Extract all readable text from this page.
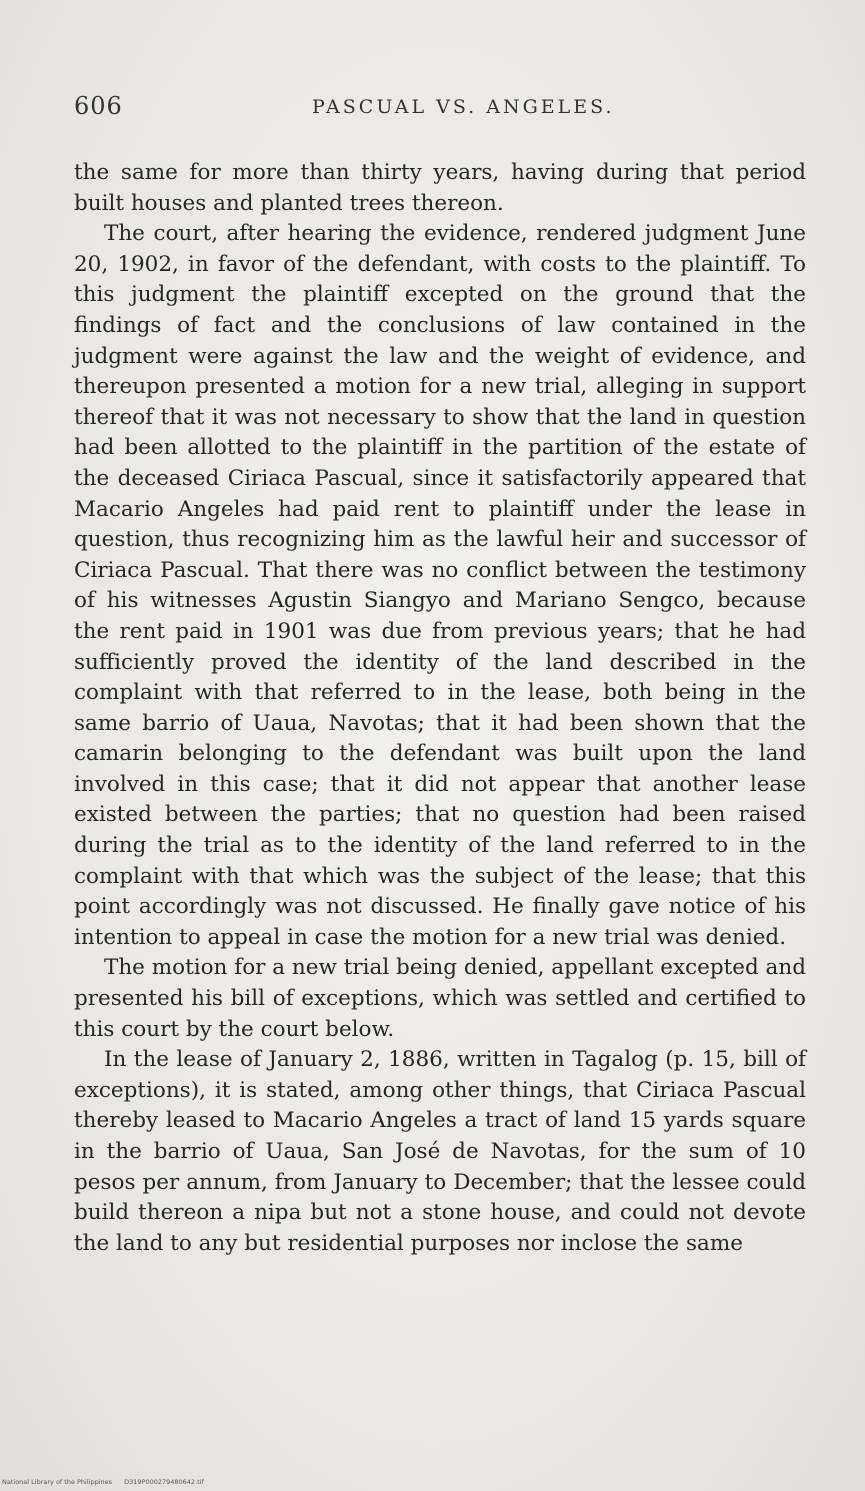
606	PASCUAL VS. ANGELES.

the same for more than thirty years, having during that period built houses and planted trees thereon.

The court, after hearing the evidence, rendered judgment June 20, 1902, in favor of the defendant, with costs to the plaintiff. To this judgment the plaintiff excepted on the ground that the findings of fact and the conclusions of law contained in the judgment were against the law and the weight of evidence, and thereupon presented a motion for a new trial, alleging in support thereof that it was not necessary to show that the land in question had been allotted to the plaintiff in the partition of the estate of the deceased Ciriaca Pascual, since it satisfactorily appeared that Macario Angeles had paid rent to plaintiff under the lease in question, thus recognizing him as the lawful heir and successor of Ciriaca Pascual. That there was no conflict between the testimony of his witnesses Agustin Siangyo and Mariano Sengco, because the rent paid in 1901 was due from previous years; that he had sufficiently proved the identity of the land described in the complaint with that referred to in the lease, both being in the same barrio of Uaua, Navotas; that it had been shown that the camarin belonging to the defendant was built upon the land involved in this case; that it did not appear that another lease existed between the parties; that no question had been raised during the trial as to the identity of the land referred to in the complaint with that which was the subject of the lease; that this point accordingly was not discussed. He finally gave notice of his intention to appeal in case the motion for a new trial was denied.

The motion for a new trial being denied, appellant excepted and presented his bill of exceptions, which was settled and certified to this court by the court below.

In the lease of January 2, 1886, written in Tagalog (p. 15, bill of exceptions), it is stated, among other things, that Ciriaca Pascual thereby leased to Macario Angeles a tract of land 15 yards square in the barrio of Uaua, San José de Navotas, for the sum of 10 pesos per annum, from January to December; that the lessee could build thereon a nipa but not a stone house, and could not devote the land to any but residential purposes nor inclose the same

National Library of the Philippines D319P000279480642.tif
